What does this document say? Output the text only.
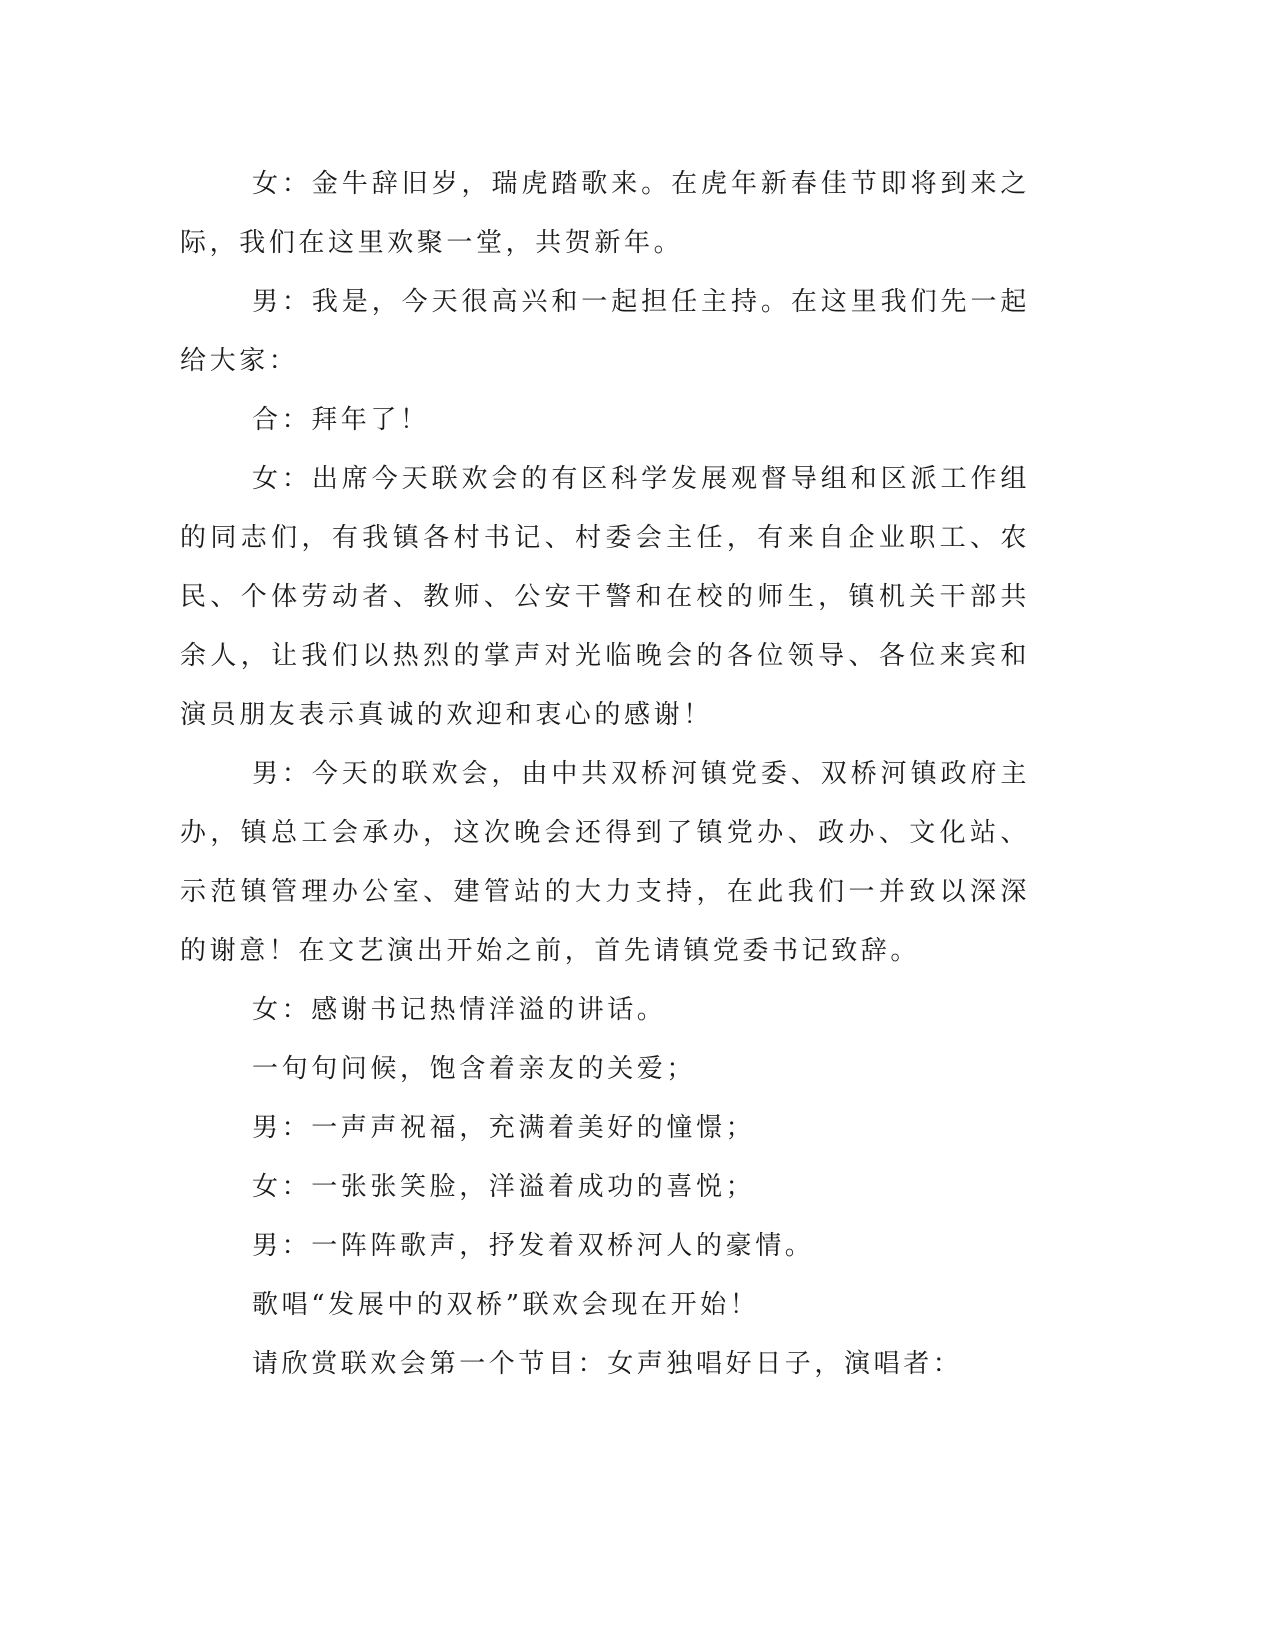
女：金牛辞旧岁，瑞虎踏歌来。在虎年新春佳节即将到来之际，我们在这里欢聚一堂，共贺新年。

男：我是，今天很高兴和一起担任主持。在这里我们先一起给大家：

合：拜年了！

女：出席今天联欢会的有区科学发展观督导组和区派工作组的同志们，有我镇各村书记、村委会主任，有来自企业职工、农民、个体劳动者、教师、公安干警和在校的师生，镇机关干部共余人，让我们以热烈的掌声对光临晚会的各位领导、各位来宾和演员朋友表示真诚的欢迎和衷心的感谢！

男：今天的联欢会，由中共双桥河镇党委、双桥河镇政府主办，镇总工会承办，这次晚会还得到了镇党办、政办、文化站、示范镇管理办公室、建管站的大力支持，在此我们一并致以深深的谢意！在文艺演出开始之前，首先请镇党委书记致辞。

女：感谢书记热情洋溢的讲话。

一句句问候，饱含着亲友的关爱；

男：一声声祝福，充满着美好的憧憬；

女：一张张笑脸，洋溢着成功的喜悦；

男：一阵阵歌声，抒发着双桥河人的豪情。

歌唱“发展中的双桥”联欢会现在开始！

请欣赏联欢会第一个节目：女声独唱好日子，演唱者：
